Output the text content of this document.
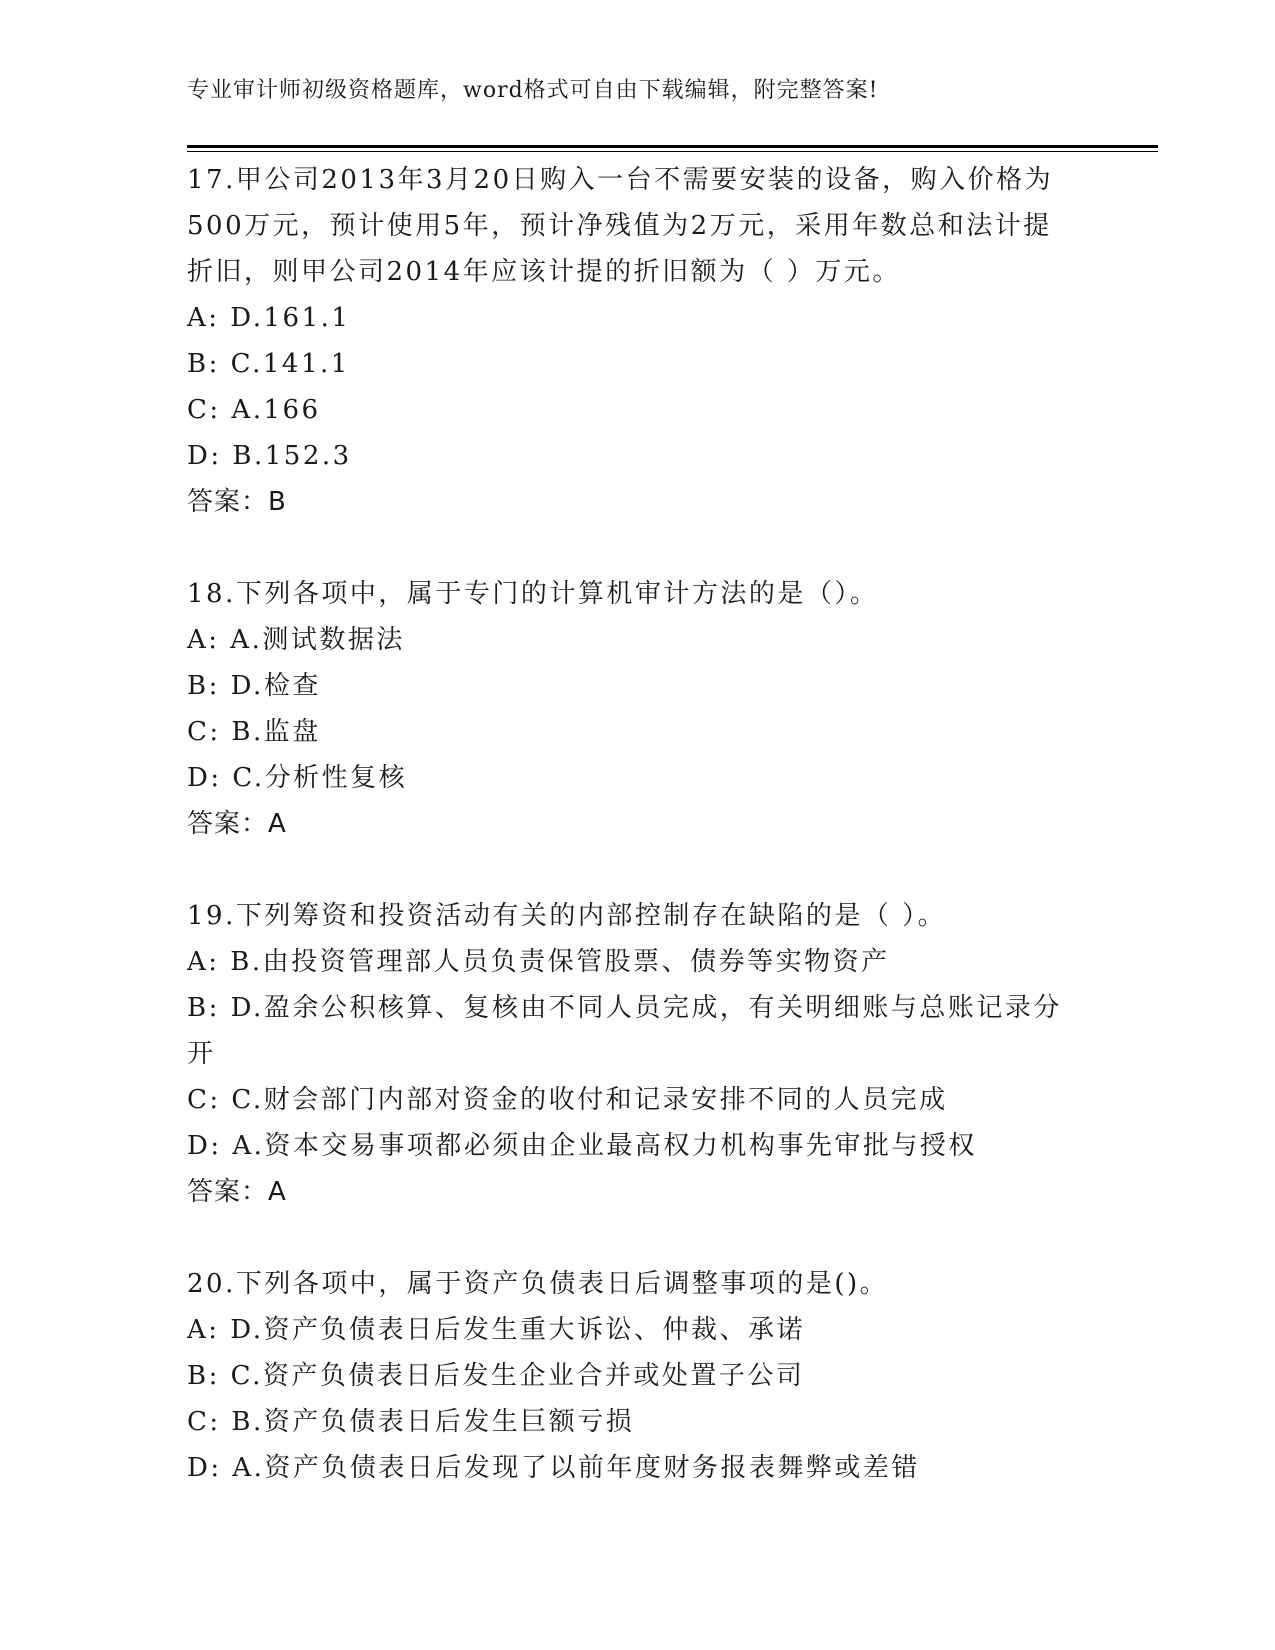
专业审计师初级资格题库，word格式可自由下载编辑，附完整答案!
17.甲公司2013年3月20日购入一台不需要安装的设备，购入价格为
500万元，预计使用5年，预计净残值为2万元，采用年数总和法计提
折旧，则甲公司2014年应该计提的折旧额为（ ）万元。
A: D.161.1
B: C.141.1
C: A.166
D: B.152.3
答案：B
18.下列各项中，属于专门的计算机审计方法的是（）。
A: A.测试数据法
B: D.检查
C: B.监盘
D: C.分析性复核
答案：A
19.下列筹资和投资活动有关的内部控制存在缺陷的是（ ）。
A: B.由投资管理部人员负责保管股票、债券等实物资产
B: D.盈余公积核算、复核由不同人员完成，有关明细账与总账记录分
开
C: C.财会部门内部对资金的收付和记录安排不同的人员完成
D: A.资本交易事项都必须由企业最高权力机构事先审批与授权
答案：A
20.下列各项中，属于资产负债表日后调整事项的是()。
A: D.资产负债表日后发生重大诉讼、仲裁、承诺
B: C.资产负债表日后发生企业合并或处置子公司
C: B.资产负债表日后发生巨额亏损
D: A.资产负债表日后发现了以前年度财务报表舞弊或差错
